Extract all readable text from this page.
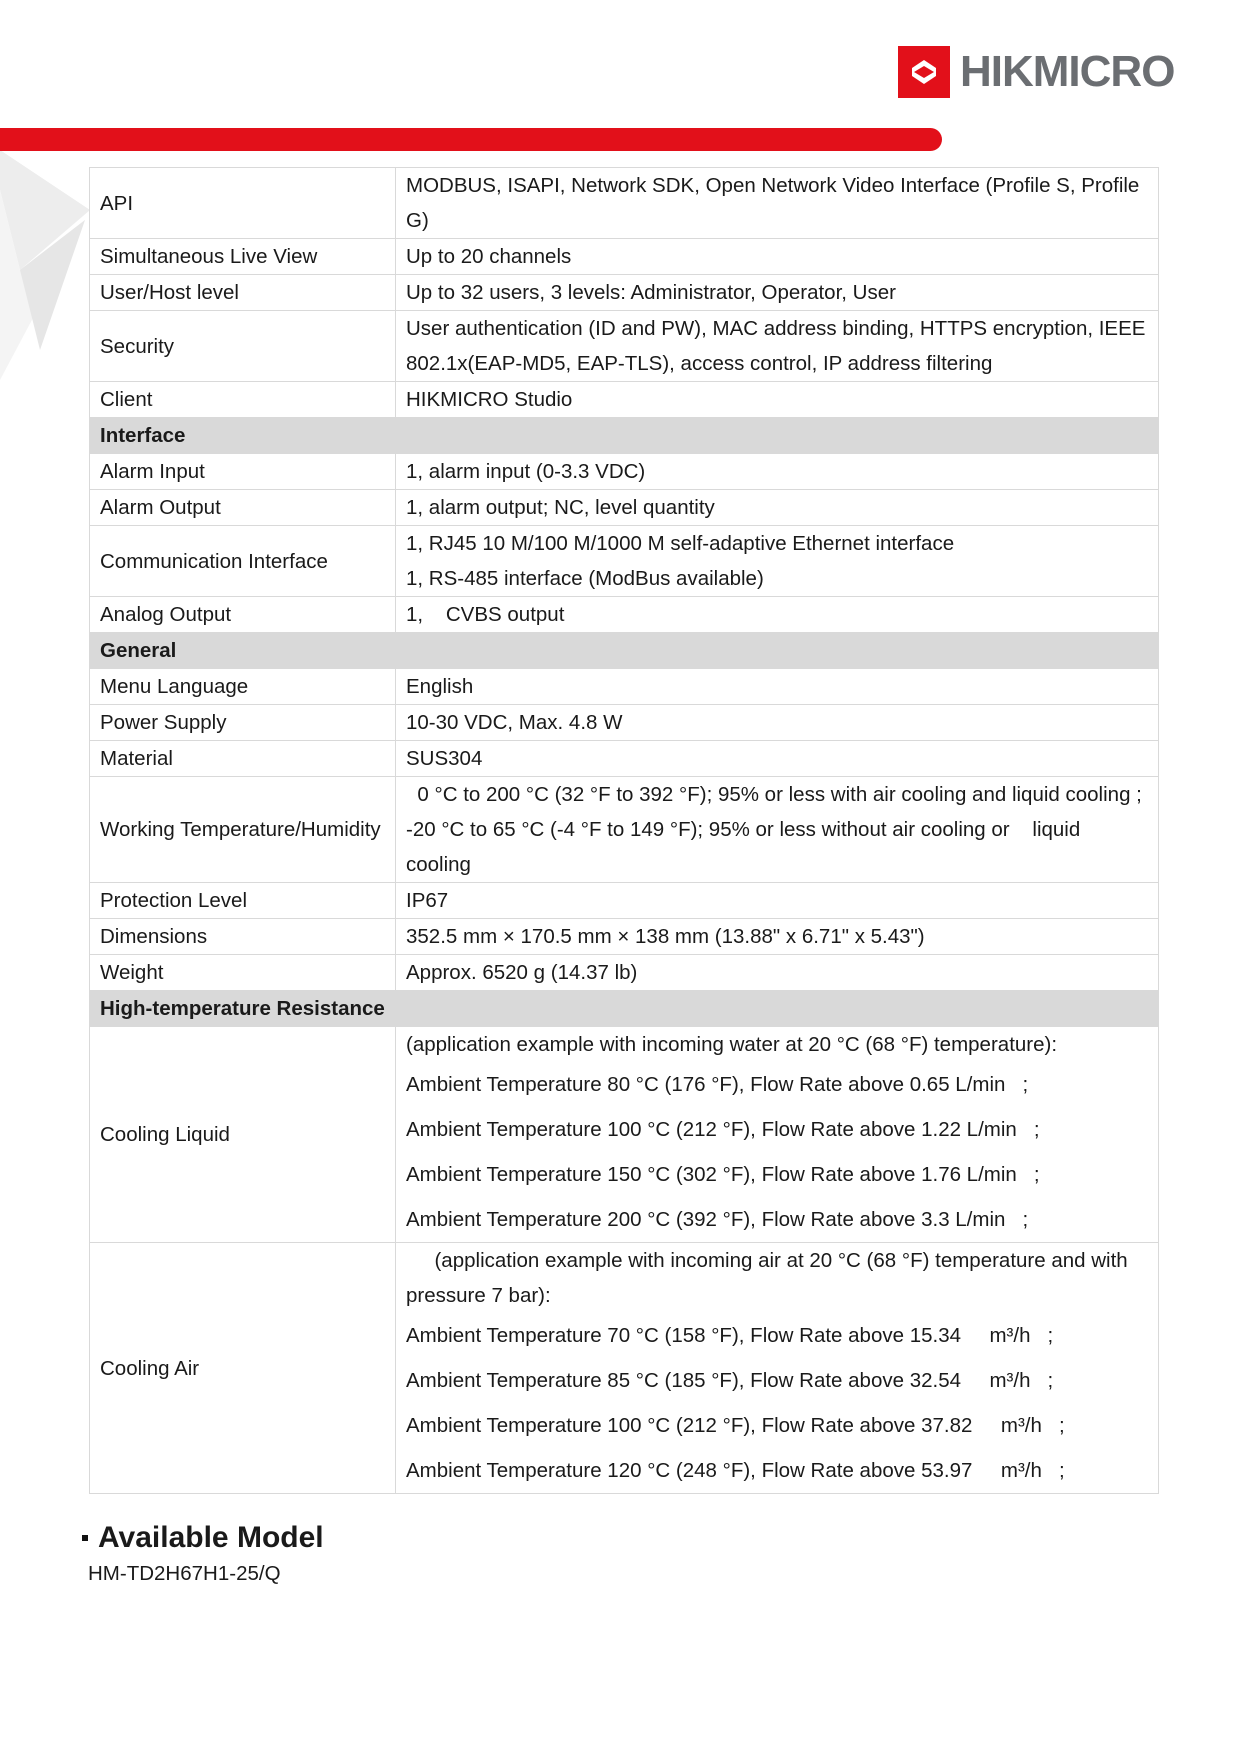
HIKMICRO
API	MODBUS, ISAPI, Network SDK, Open Network Video Interface (Profile S, Profile G)

Simultaneous Live View	Up to 20 channels

User/Host level	Up to 32 users, 3 levels: Administrator, Operator, User

Security	User authentication (ID and PW), MAC address binding, HTTPS encryption, IEEE 802.1x(EAP-MD5, EAP-TLS), access control, IP address filtering

Client	HIKMICRO Studio

Interface	
Alarm Input	1, alarm input (0-3.3 VDC)

Alarm Output	1, alarm output; NC, level quantity

Communication Interface	1, RJ45 10 M/100 M/1000 M self-adaptive Ethernet interface
1, RS-485 interface (ModBus available)

Analog Output	1,    CVBS output

General	
Menu Language	English

Power Supply	10-30 VDC, Max. 4.8 W

Material	SUS304

Working Temperature/Humidity	0 °C to 200 °C (32 °F to 392 °F); 95% or less with air cooling and liquid cooling ; -20 °C to 65 °C (-4 °F to 149 °F); 95% or less without air cooling or    liquid cooling

Protection Level	IP67

Dimensions	352.5 mm × 170.5 mm × 138 mm (13.88" x 6.71" x 5.43")

Weight	Approx. 6520 g (14.37 lb)

High-temperature Resistance	
Cooling Liquid	(application example with incoming water at 20 °C (68 °F) temperature):
Ambient Temperature 80 °C (176 °F), Flow Rate above 0.65 L/min   ;
Ambient Temperature 100 °C (212 °F), Flow Rate above 1.22 L/min   ;
Ambient Temperature 150 °C (302 °F), Flow Rate above 1.76 L/min   ;
Ambient Temperature 200 °C (392 °F), Flow Rate above 3.3 L/min   ;

Cooling Air	(application example with incoming air at 20 °C (68 °F) temperature and with pressure 7 bar):
Ambient Temperature 70 °C (158 °F), Flow Rate above 15.34     m³/h   ;
Ambient Temperature 85 °C (185 °F), Flow Rate above 32.54     m³/h   ;
Ambient Temperature 100 °C (212 °F), Flow Rate above 37.82     m³/h   ;
Ambient Temperature 120 °C (248 °F), Flow Rate above 53.97     m³/h   ;
Available Model
HM-TD2H67H1-25/Q
